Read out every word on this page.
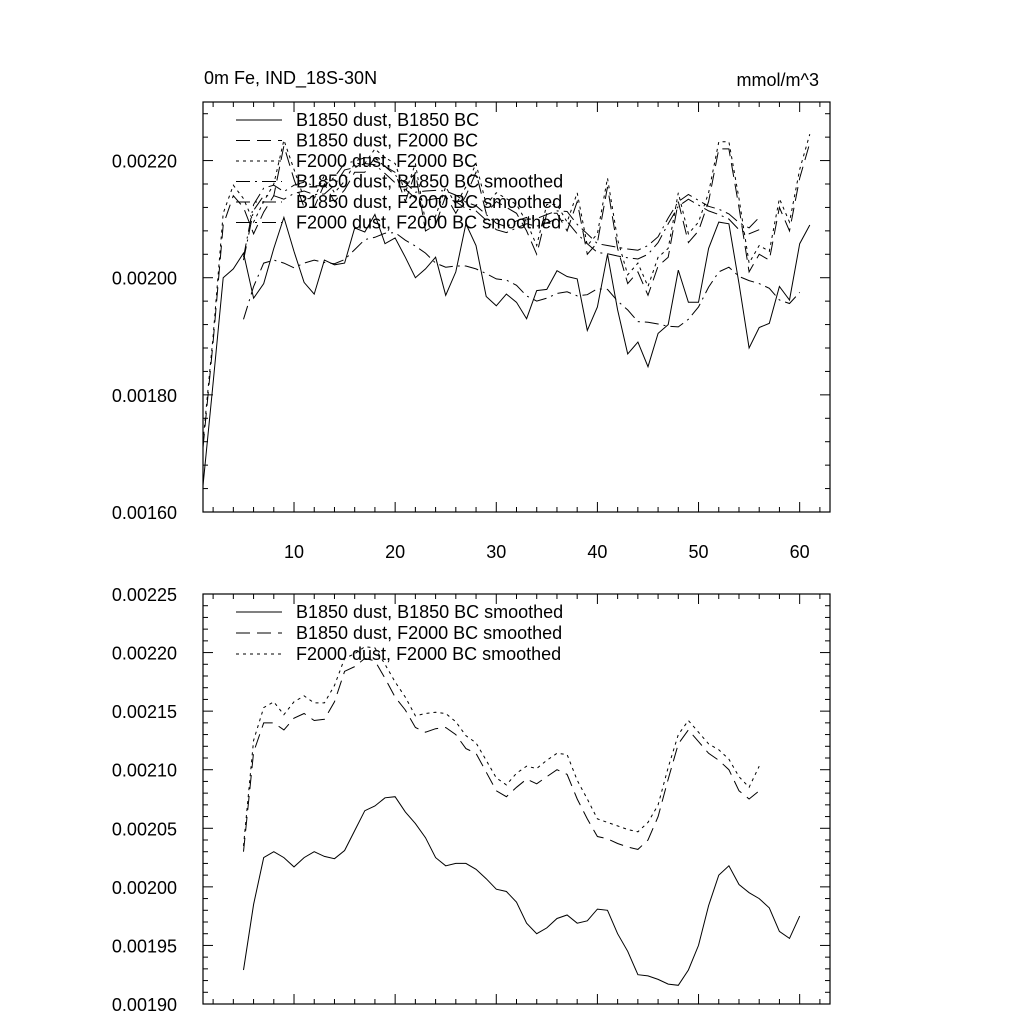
0m Fe, IND_18S-30N	mmol/m^3
10	20	30	40	50	60
0.00160
0.00180
0.00200
0.00220
B1850 dust, B1850 BC
B1850 dust, F2000 BC
F2000 dust, F2000 BC
B1850 dust, B1850 BC smoothed
B1850 dust, F2000 BC smoothed
F2000 dust, F2000 BC smoothed
0.00190
0.00195
0.00200
0.00205
0.00210
0.00215
0.00220
0.00225
B1850 dust, B1850 BC smoothed
B1850 dust, F2000 BC smoothed
F2000 dust, F2000 BC smoothed
